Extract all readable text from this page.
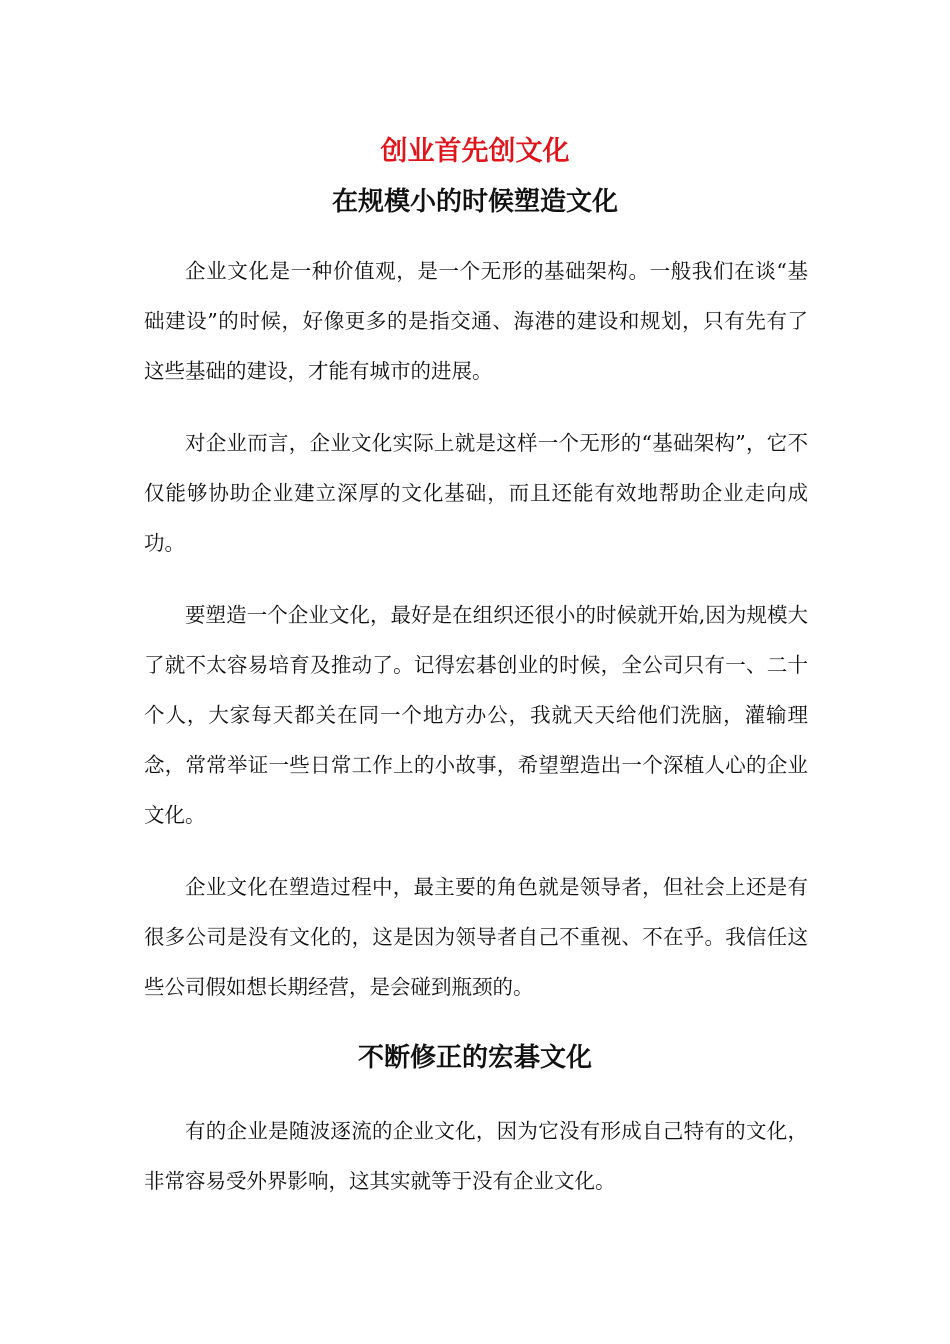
创业首先创文化
在规模小的时候塑造文化

企业文化是一种价值观，是一个无形的基础架构。一般我们在谈“基础建设”的时候，好像更多的是指交通、海港的建设和规划，只有先有了这些基础的建设，才能有城市的进展。

对企业而言，企业文化实际上就是这样一个无形的“基础架构”，它不仅能够协助企业建立深厚的文化基础，而且还能有效地帮助企业走向成功。

要塑造一个企业文化，最好是在组织还很小的时候就开始,因为规模大了就不太容易培育及推动了。记得宏碁创业的时候，全公司只有一、二十个人，大家每天都关在同一个地方办公，我就天天给他们洗脑，灌输理念，常常举证一些日常工作上的小故事，希望塑造出一个深植人心的企业文化。

企业文化在塑造过程中，最主要的角色就是领导者，但社会上还是有很多公司是没有文化的，这是因为领导者自己不重视、不在乎。我信任这些公司假如想长期经营，是会碰到瓶颈的。

不断修正的宏碁文化

有的企业是随波逐流的企业文化，因为它没有形成自己特有的文化，非常容易受外界影响，这其实就等于没有企业文化。
